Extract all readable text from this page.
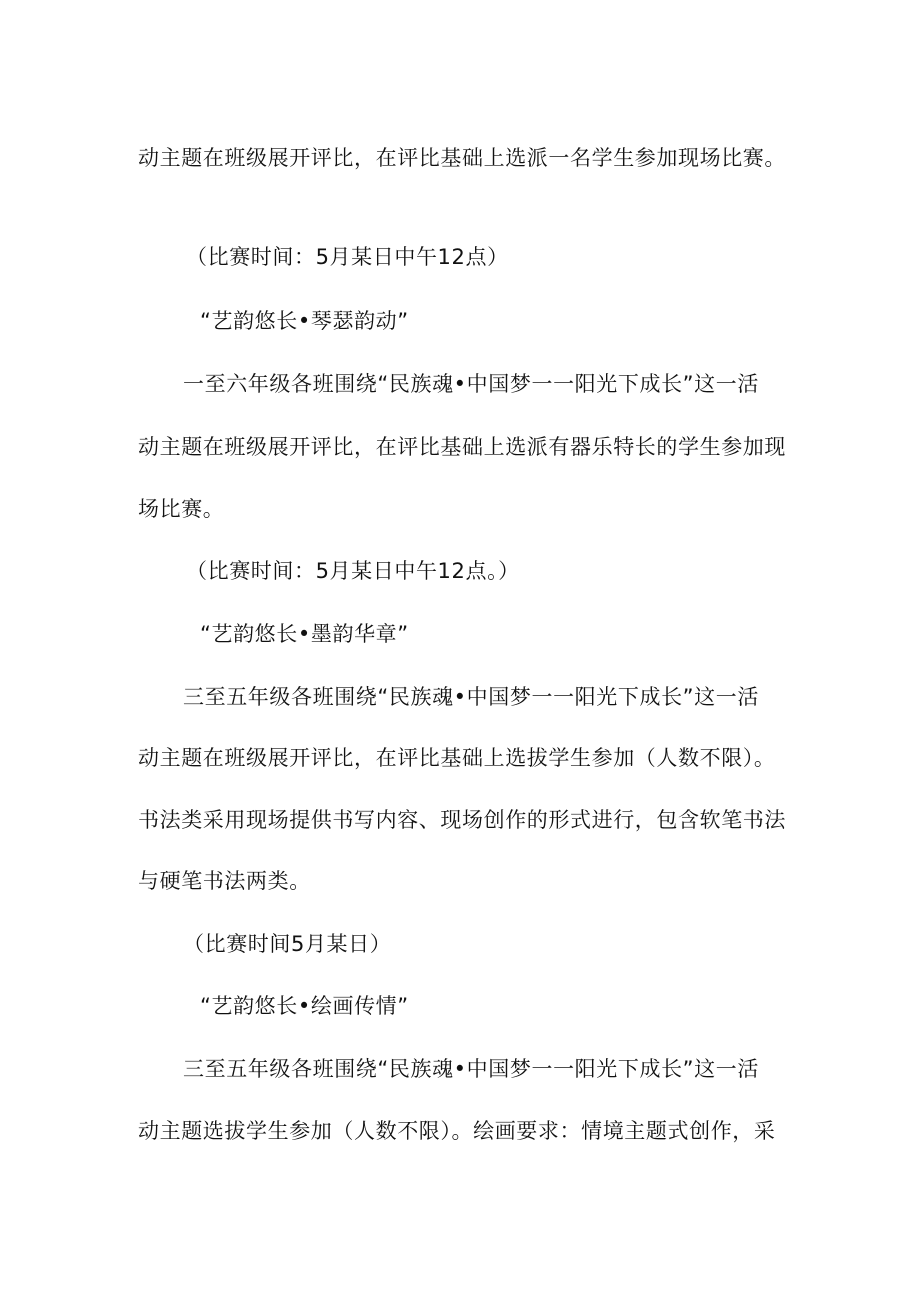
动主题在班级展开评比，在评比基础上选派一名学生参加现场比赛。
（比赛时间：5月某日中午12点）
“艺韵悠长•琴瑟韵动”
一至六年级各班围绕“民族魂•中国梦一一阳光下成长”这一活
动主题在班级展开评比，在评比基础上选派有器乐特长的学生参加现
场比赛。
（比赛时间：5月某日中午12点。）
“艺韵悠长•墨韵华章”
三至五年级各班围绕“民族魂•中国梦一一阳光下成长”这一活
动主题在班级展开评比，在评比基础上选拔学生参加（人数不限）。
书法类采用现场提供书写内容、现场创作的形式进行，包含软笔书法
与硬笔书法两类。
（比赛时间5月某日）
“艺韵悠长•绘画传情”
三至五年级各班围绕“民族魂•中国梦一一阳光下成长”这一活
动主题选拔学生参加（人数不限）。绘画要求：情境主题式创作，采
